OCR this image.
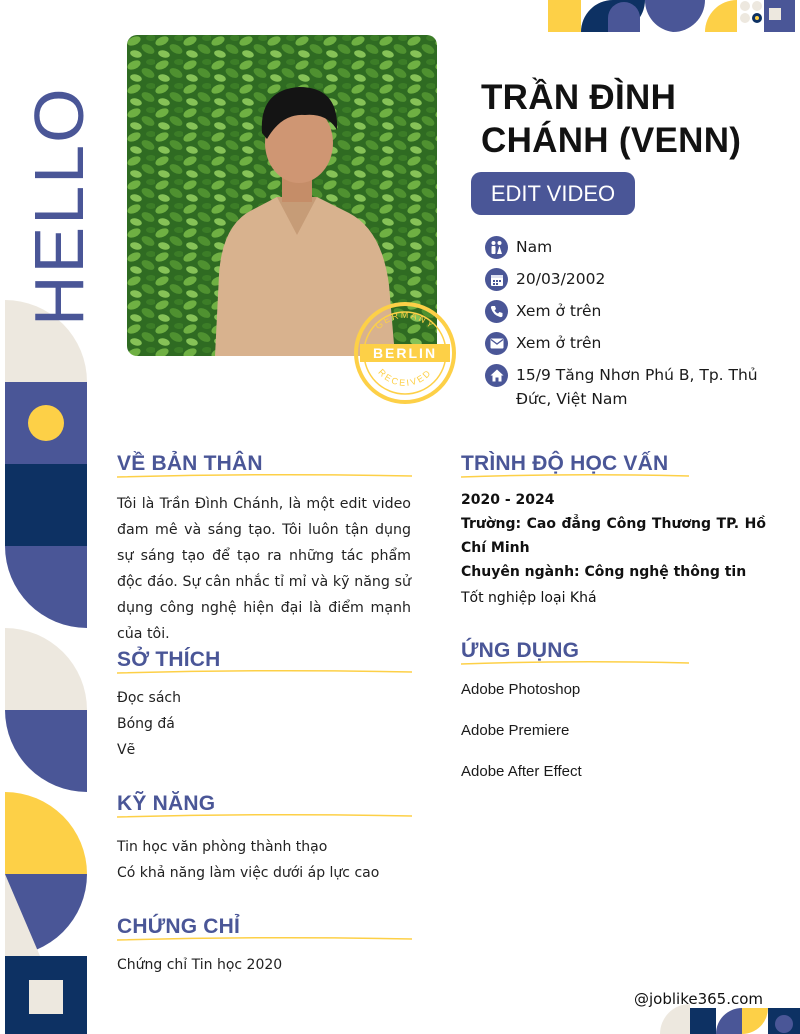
HELLO	GERMANY
BERLIN
RECEIVED
TRẦN ĐÌNH
CHÁNH (VENN)
EDIT VIDEO
Nam
20/03/2002
Xem ở trên
Xem ở trên
15/9 Tăng Nhơn Phú B, Tp. Thủ Đức, Việt Nam
VỀ BẢN THÂN
Tôi là Trần Đình Chánh, là một edit video đam mê và sáng tạo. Tôi luôn tận dụng sự sáng tạo để tạo ra những tác phẩm độc đáo. Sự cân nhắc tỉ mỉ và kỹ năng sử dụng công nghệ hiện đại là điểm mạnh của tôi.
SỞ THÍCH
Đọc sách
Bóng đá
Vẽ
KỸ NĂNG
Tin học văn phòng thành thạo
Có khả năng làm việc dưới áp lực cao
CHỨNG CHỈ
Chứng chỉ Tin học 2020
TRÌNH ĐỘ HỌC VẤN
2020 - 2024
Trường: Cao đẳng Công Thương TP. Hồ Chí Minh
Chuyên ngành: Công nghệ thông tin
Tốt nghiệp loại Khá
ỨNG DỤNG
Adobe Photoshop
Adobe Premiere
Adobe After Effect
@joblike365.com
